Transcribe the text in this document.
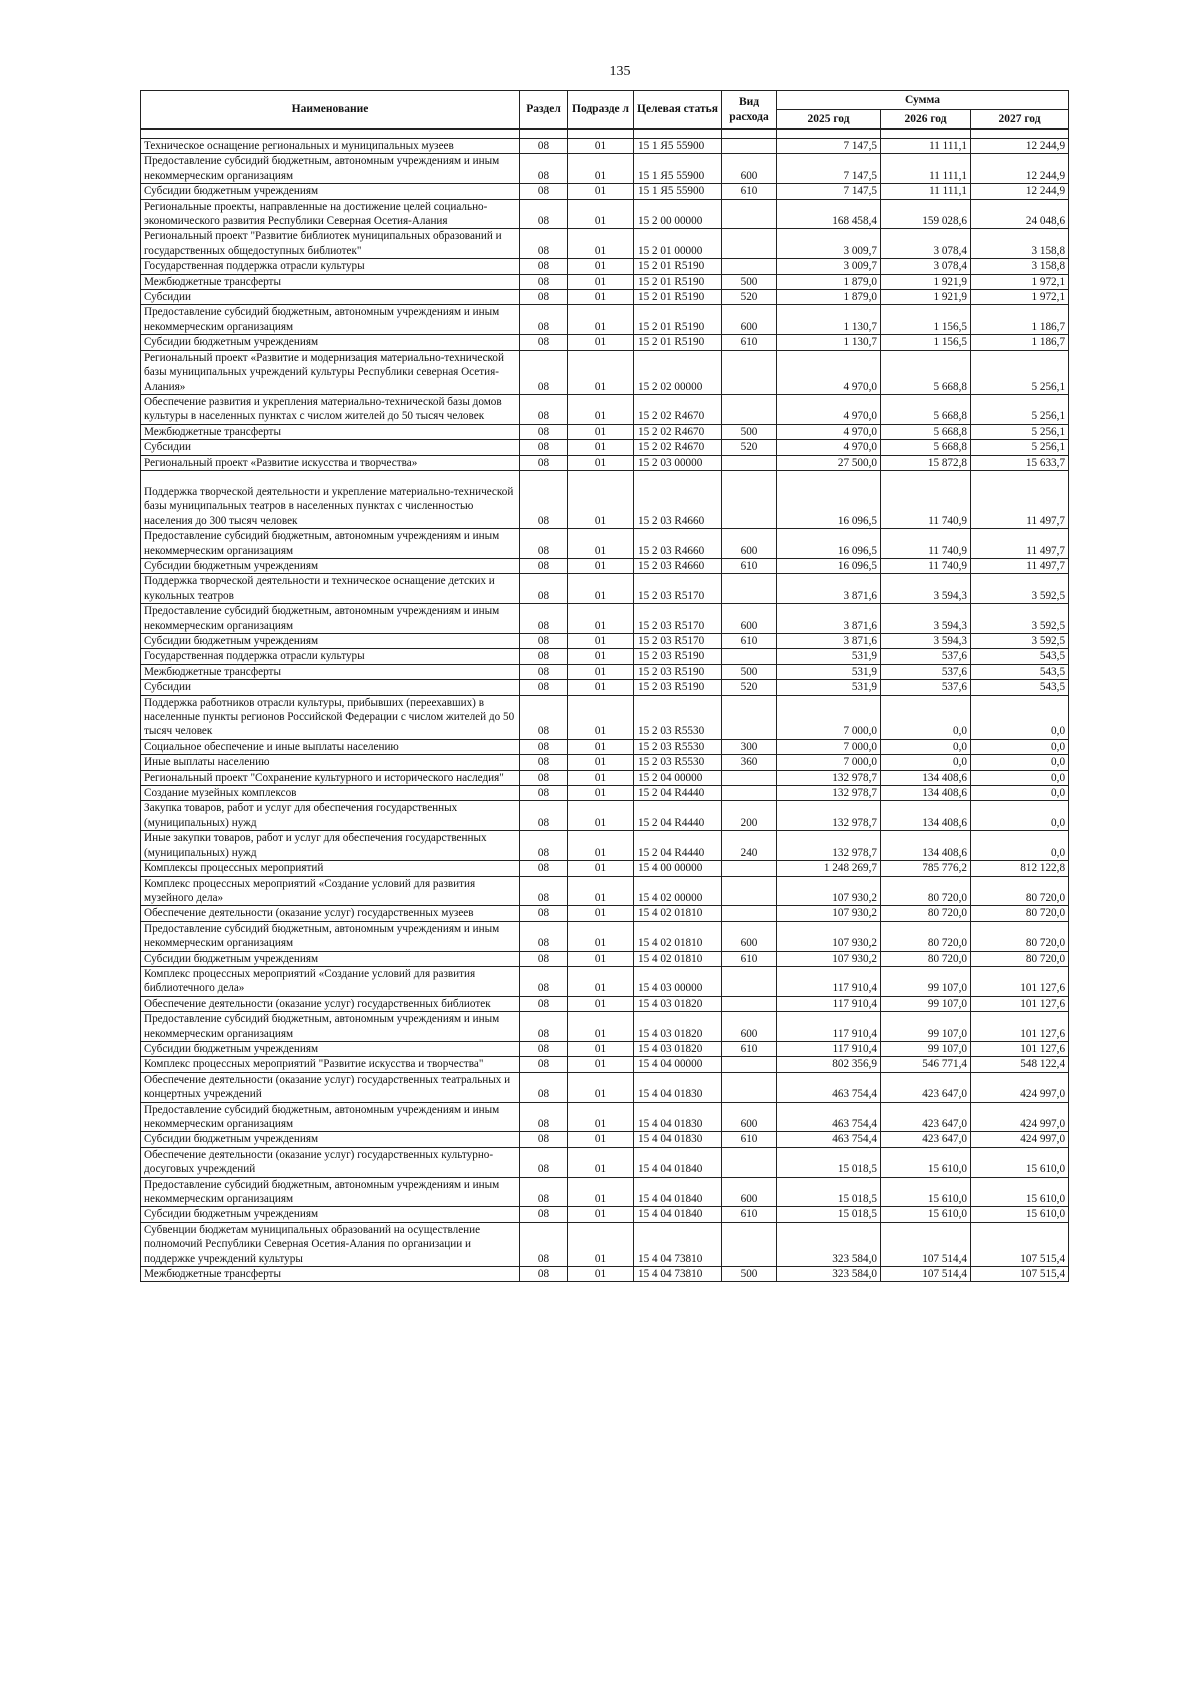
135
Наименование	Раздел	Подразде л	Целевая статья	Вид расхода	Сумма		
					2025 год	2026 год	2027 год

Техническое оснащение региональных и муниципальных музеев	08	01	15 1 Я5 55900		7 147,5	11 111,1	12 244,9
Предоставление субсидий бюджетным, автономным учреждениям и иным некоммерческим организациям	08	01	15 1 Я5 55900	600	7 147,5	11 111,1	12 244,9
Субсидии бюджетным учреждениям	08	01	15 1 Я5 55900	610	7 147,5	11 111,1	12 244,9
Региональные проекты, направленные на достижение целей социально-экономического развития Республики Северная Осетия-Алания	08	01	15 2 00 00000		168 458,4	159 028,6	24 048,6
Региональный проект "Развитие библиотек муниципальных образований и государственных общедоступных библиотек"	08	01	15 2 01 00000		3 009,7	3 078,4	3 158,8
Государственная поддержка отрасли культуры	08	01	15 2 01 R5190		3 009,7	3 078,4	3 158,8
Межбюджетные трансферты	08	01	15 2 01 R5190	500	1 879,0	1 921,9	1 972,1
Субсидии	08	01	15 2 01 R5190	520	1 879,0	1 921,9	1 972,1
Предоставление субсидий бюджетным, автономным учреждениям и иным некоммерческим организациям	08	01	15 2 01 R5190	600	1 130,7	1 156,5	1 186,7
Субсидии бюджетным учреждениям	08	01	15 2 01 R5190	610	1 130,7	1 156,5	1 186,7
Региональный проект «Развитие и модернизация материально-технической базы муниципальных учреждений культуры Республики северная Осетия-Алания»	08	01	15 2 02 00000		4 970,0	5 668,8	5 256,1
Обеспечение развития и укрепления материально-технической базы домов культуры в населенных пунктах с числом жителей до 50 тысяч человек	08	01	15 2 02 R4670		4 970,0	5 668,8	5 256,1
Межбюджетные трансферты	08	01	15 2 02 R4670	500	4 970,0	5 668,8	5 256,1
Субсидии	08	01	15 2 02 R4670	520	4 970,0	5 668,8	5 256,1
Региональный проект «Развитие искусства и творчества»	08	01	15 2 03 00000		27 500,0	15 872,8	15 633,7
Поддержка творческой деятельности и укрепление материально-технической базы муниципальных театров в населенных пунктах с численностью населения до 300 тысяч человек	08	01	15 2 03 R4660		16 096,5	11 740,9	11 497,7
Предоставление субсидий бюджетным, автономным учреждениям и иным некоммерческим организациям	08	01	15 2 03 R4660	600	16 096,5	11 740,9	11 497,7
Субсидии бюджетным учреждениям	08	01	15 2 03 R4660	610	16 096,5	11 740,9	11 497,7
Поддержка творческой деятельности и техническое оснащение детских и кукольных театров	08	01	15 2 03 R5170		3 871,6	3 594,3	3 592,5
Предоставление субсидий бюджетным, автономным учреждениям и иным некоммерческим организациям	08	01	15 2 03 R5170	600	3 871,6	3 594,3	3 592,5
Субсидии бюджетным учреждениям	08	01	15 2 03 R5170	610	3 871,6	3 594,3	3 592,5
Государственная поддержка отрасли культуры	08	01	15 2 03 R5190		531,9	537,6	543,5
Межбюджетные трансферты	08	01	15 2 03 R5190	500	531,9	537,6	543,5
Субсидии	08	01	15 2 03 R5190	520	531,9	537,6	543,5
Поддержка работников отрасли культуры, прибывших (переехавших) в населенные пункты регионов Российской Федерации с числом жителей до 50 тысяч человек	08	01	15 2 03 R5530		7 000,0	0,0	0,0
Социальное обеспечение и иные выплаты населению	08	01	15 2 03 R5530	300	7 000,0	0,0	0,0
Иные выплаты населению	08	01	15 2 03 R5530	360	7 000,0	0,0	0,0
Региональный проект "Сохранение культурного и исторического наследия"	08	01	15 2 04 00000		132 978,7	134 408,6	0,0
Создание музейных комплексов	08	01	15 2 04 R4440		132 978,7	134 408,6	0,0
Закупка товаров, работ и услуг для обеспечения государственных (муниципальных) нужд	08	01	15 2 04 R4440	200	132 978,7	134 408,6	0,0
Иные закупки товаров, работ и услуг для обеспечения государственных (муниципальных) нужд	08	01	15 2 04 R4440	240	132 978,7	134 408,6	0,0
Комплексы процессных мероприятий	08	01	15 4 00 00000		1 248 269,7	785 776,2	812 122,8
Комплекс процессных мероприятий «Создание условий для развития музейного дела»	08	01	15 4 02 00000		107 930,2	80 720,0	80 720,0
Обеспечение деятельности (оказание услуг) государственных музеев	08	01	15 4 02 01810		107 930,2	80 720,0	80 720,0
Предоставление субсидий бюджетным, автономным учреждениям и иным некоммерческим организациям	08	01	15 4 02 01810	600	107 930,2	80 720,0	80 720,0
Субсидии бюджетным учреждениям	08	01	15 4 02 01810	610	107 930,2	80 720,0	80 720,0
Комплекс процессных мероприятий «Создание условий для развития библиотечного дела»	08	01	15 4 03 00000		117 910,4	99 107,0	101 127,6
Обеспечение деятельности (оказание услуг) государственных библиотек	08	01	15 4 03 01820		117 910,4	99 107,0	101 127,6
Предоставление субсидий бюджетным, автономным учреждениям и иным некоммерческим организациям	08	01	15 4 03 01820	600	117 910,4	99 107,0	101 127,6
Субсидии бюджетным учреждениям	08	01	15 4 03 01820	610	117 910,4	99 107,0	101 127,6
Комплекс процессных мероприятий "Развитие искусства и творчества"	08	01	15 4 04 00000		802 356,9	546 771,4	548 122,4
Обеспечение деятельности (оказание услуг) государственных театральных и концертных учреждений	08	01	15 4 04 01830		463 754,4	423 647,0	424 997,0
Предоставление субсидий бюджетным, автономным учреждениям и иным некоммерческим организациям	08	01	15 4 04 01830	600	463 754,4	423 647,0	424 997,0
Субсидии бюджетным учреждениям	08	01	15 4 04 01830	610	463 754,4	423 647,0	424 997,0
Обеспечение деятельности (оказание услуг) государственных культурно-досуговых учреждений	08	01	15 4 04 01840		15 018,5	15 610,0	15 610,0
Предоставление субсидий бюджетным, автономным учреждениям и иным некоммерческим организациям	08	01	15 4 04 01840	600	15 018,5	15 610,0	15 610,0
Субсидии бюджетным учреждениям	08	01	15 4 04 01840	610	15 018,5	15 610,0	15 610,0
Субвенции бюджетам муниципальных образований на осуществление полномочий Республики Северная Осетия-Алания по организации и поддержке учреждений культуры	08	01	15 4 04 73810		323 584,0	107 514,4	107 515,4
Межбюджетные трансферты	08	01	15 4 04 73810	500	323 584,0	107 514,4	107 515,4
